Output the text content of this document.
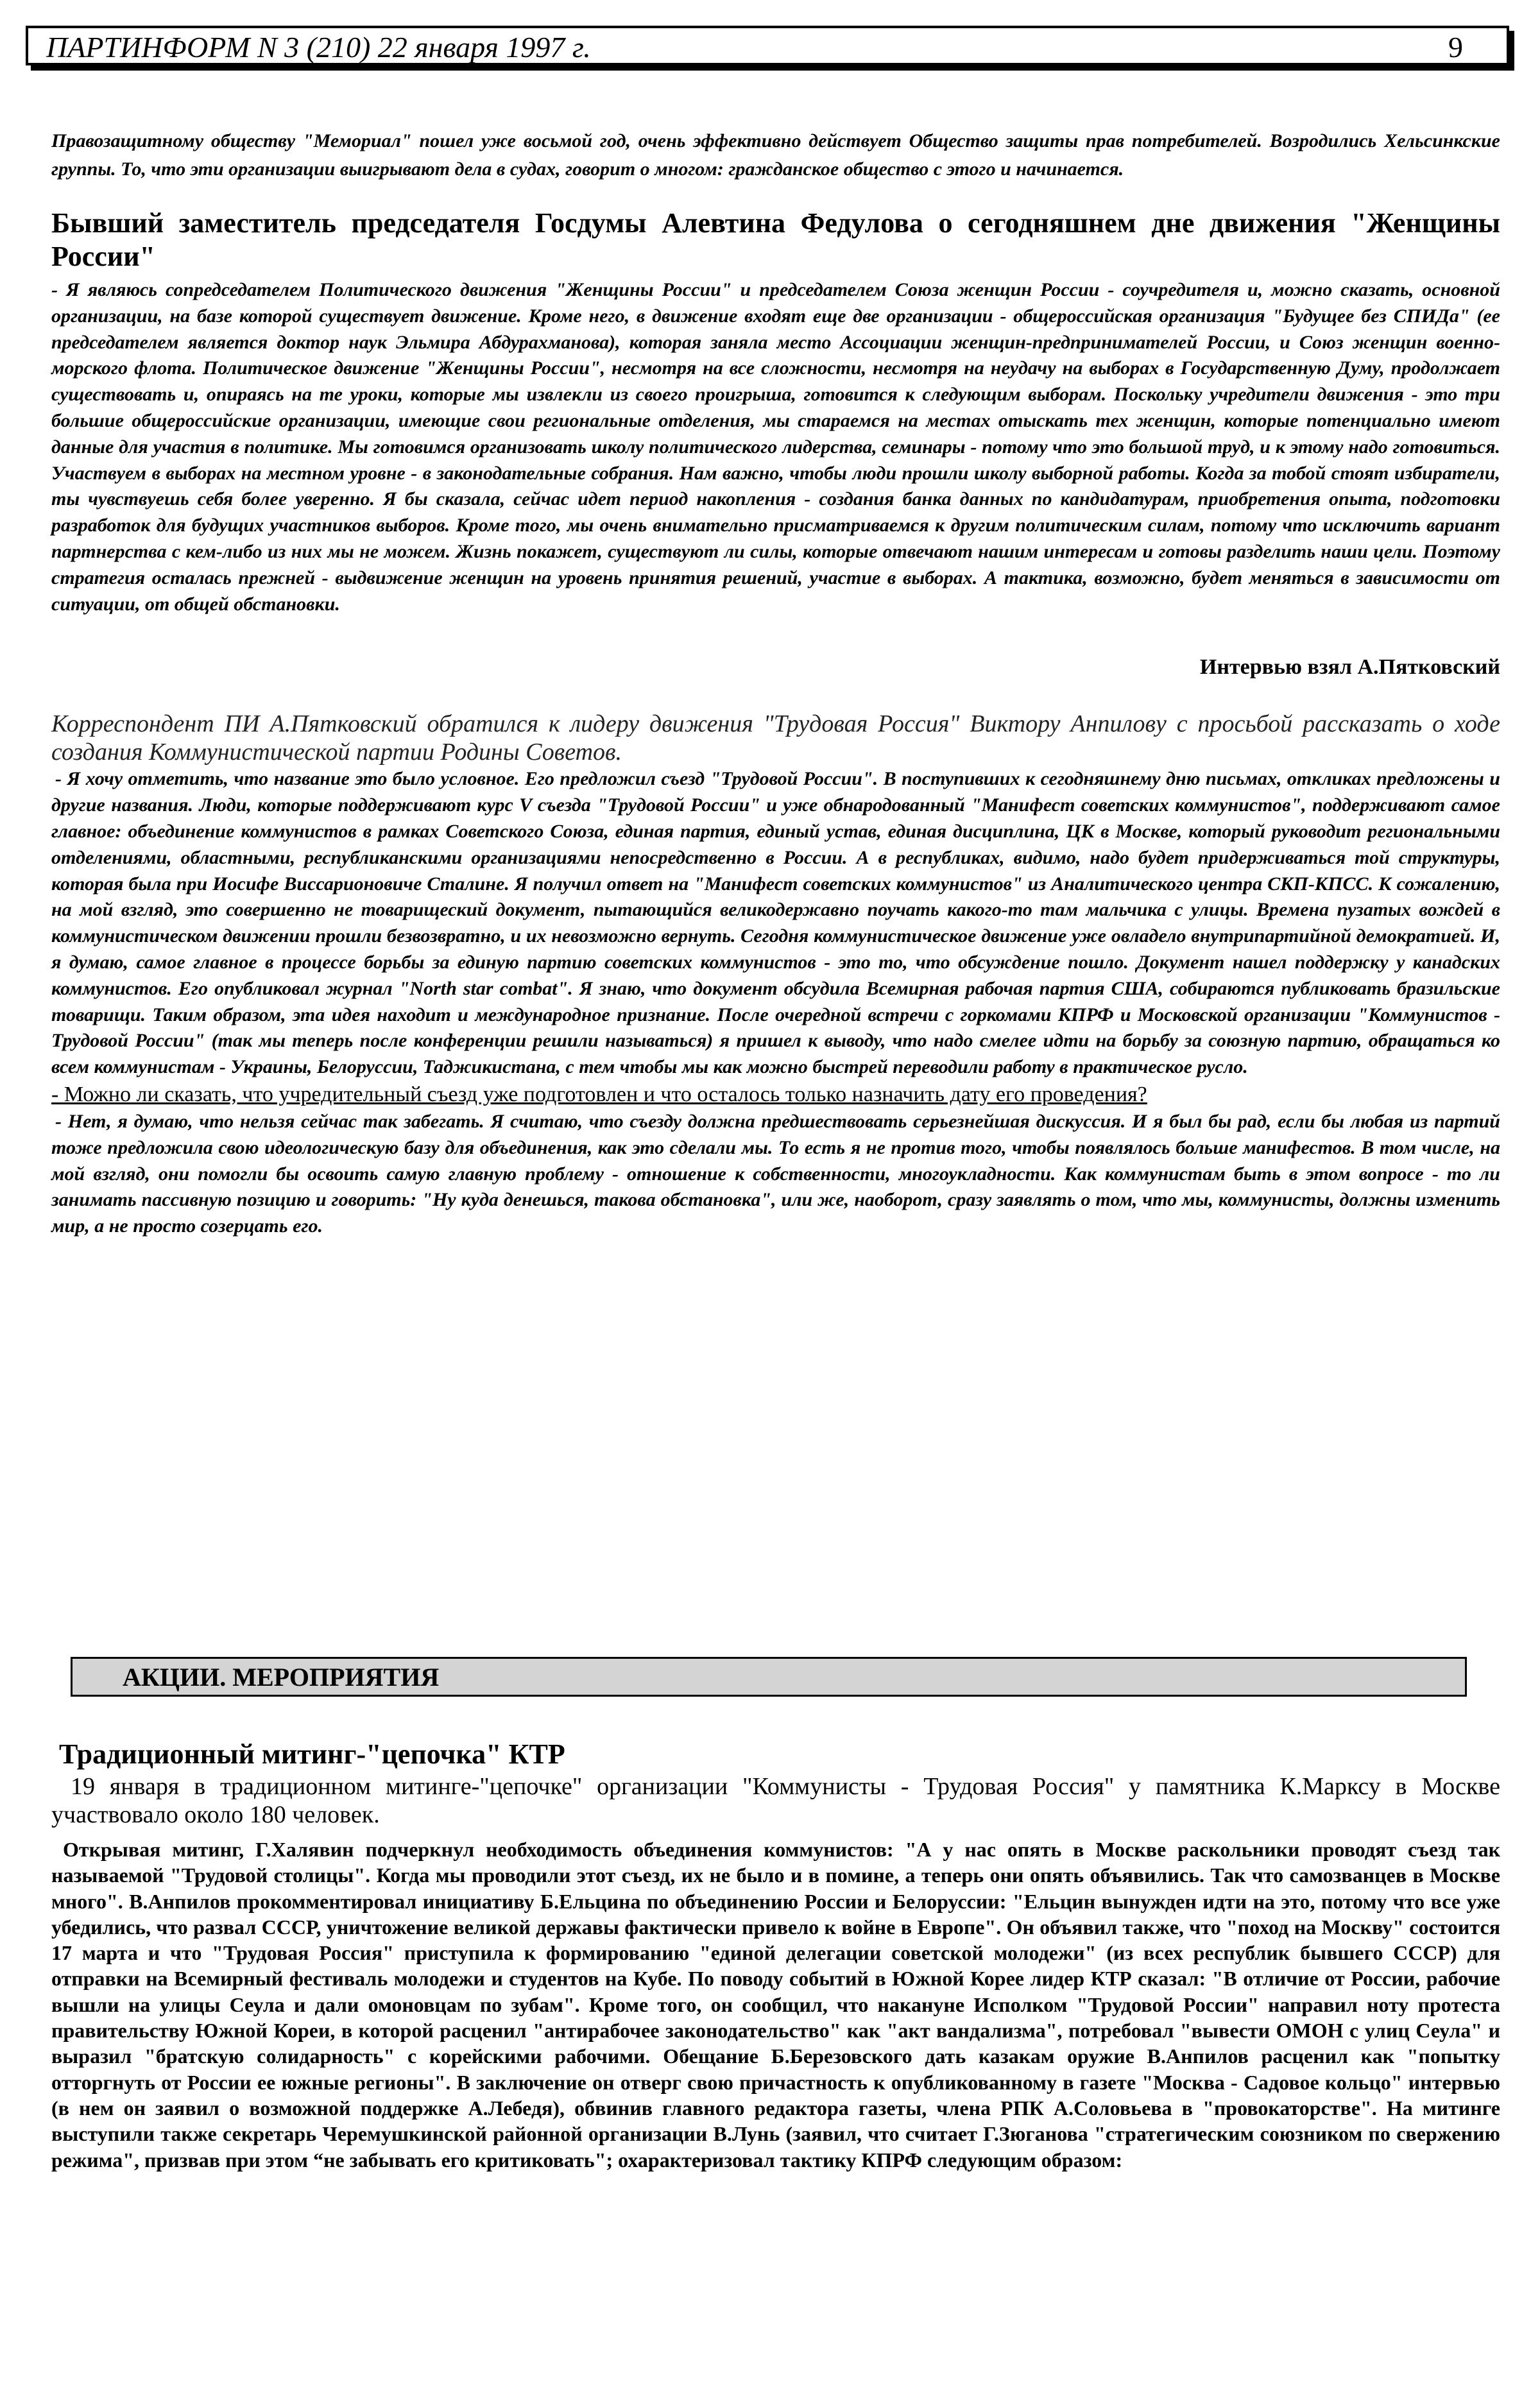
ПАРТИНФОРМ N 3 (210) 22 января 1997 г.	9

Правозащитному обществу "Мемориал" пошел уже восьмой год, очень эффективно действует Общество защиты прав потребителей. Возродились Хельсинкские группы. То, что эти организации выигрывают дела в судах, говорит о многом: гражданское общество с этого и начинается.

Бывший заместитель председателя Госдумы Алевтина Федулова о сегодняшнем дне движения "Женщины России"

- Я являюсь сопредседателем Политического движения "Женщины России" и председателем Союза женщин России - соучредителя и, можно сказать, основной организации, на базе которой существует движение. Кроме него, в движение входят еще две организации - общероссийская организация "Будущее без СПИДа" (ее председателем является доктор наук Эльмира Абдурахманова), которая заняла место Ассоциации женщин-предпринимателей России, и Союз женщин военно-морского флота. Политическое движение "Женщины России", несмотря на все сложности, несмотря на неудачу на выборах в Государственную Думу, продолжает существовать и, опираясь на те уроки, которые мы извлекли из своего проигрыша, готовится к следующим выборам. Поскольку учредители движения - это три большие общероссийские организации, имеющие свои региональные отделения, мы стараемся на местах отыскать тех женщин, которые потенциально имеют данные для участия в политике. Мы готовимся организовать школу политического лидерства, семинары - потому что это большой труд, и к этому надо готовиться. Участвуем в выборах на местном уровне - в законодательные собрания. Нам важно, чтобы люди прошли школу выборной работы. Когда за тобой стоят избиратели, ты чувствуешь себя более уверенно. Я бы сказала, сейчас идет период накопления - создания банка данных по кандидатурам, приобретения опыта, подготовки разработок для будущих участников выборов. Кроме того, мы очень внимательно присматриваемся к другим политическим силам, потому что исключить вариант партнерства с кем-либо из них мы не можем. Жизнь покажет, существуют ли силы, которые отвечают нашим интересам и готовы разделить наши цели. Поэтому стратегия осталась прежней - выдвижение женщин на уровень принятия решений, участие в выборах. А тактика, возможно, будет меняться в зависимости от ситуации, от общей обстановки.

Интервью взял А.Пятковский

Корреспондент ПИ А.Пятковский обратился к лидеру движения "Трудовая Россия" Виктору Анпилову с просьбой рассказать о ходе создания Коммунистической партии Родины Советов.

- Я хочу отметить, что название это было условное. Его предложил съезд "Трудовой России". В поступивших к сегодняшнему дню письмах, откликах предложены и другие названия. Люди, которые поддерживают курс V съезда "Трудовой России" и уже обнародованный "Манифест советских коммунистов", поддерживают самое главное: объединение коммунистов в рамках Советского Союза, единая партия, единый устав, единая дисциплина, ЦК в Москве, который руководит региональными отделениями, областными, республиканскими организациями непосредственно в России. А в республиках, видимо, надо будет придерживаться той структуры, которая была при Иосифе Виссарионовиче Сталине. Я получил ответ на "Манифест советских коммунистов" из Аналитического центра СКП-КПСС. К сожалению, на мой взгляд, это совершенно не товарищеский документ, пытающийся великодержавно поучать какого-то там мальчика с улицы. Времена пузатых вождей в коммунистическом движении прошли безвозвратно, и их невозможно вернуть. Сегодня коммунистическое движение уже овладело внутрипартийной демократией. И, я думаю, самое главное в процессе борьбы за единую партию советских коммунистов - это то, что обсуждение пошло. Документ нашел поддержку у канадских коммунистов. Его опубликовал журнал "North star combat". Я знаю, что документ обсудила Всемирная рабочая партия США, собираются публиковать бразильские товарищи. Таким образом, эта идея находит и международное признание. После очередной встречи с горкомами КПРФ и Московской организации "Коммунистов - Трудовой России" (так мы теперь после конференции решили называться) я пришел к выводу, что надо смелее идти на борьбу за союзную партию, обращаться ко всем коммунистам - Украины, Белоруссии, Таджикистана, с тем чтобы мы как можно быстрей переводили работу в практическое русло.

- Можно ли сказать, что учредительный съезд уже подготовлен и что осталось только назначить дату его проведения?

- Нет, я думаю, что нельзя сейчас так забегать. Я считаю, что съезду должна предшествовать серьезнейшая дискуссия. И я был бы рад, если бы любая из партий тоже предложила свою идеологическую базу для объединения, как это сделали мы. То есть я не против того, чтобы появлялось больше манифестов. В том числе, на мой взгляд, они помогли бы освоить самую главную проблему - отношение к собственности, многоукладности. Как коммунистам быть в этом вопросе - то ли занимать пассивную позицию и говорить: "Ну куда денешься, такова обстановка", или же, наоборот, сразу заявлять о том, что мы, коммунисты, должны изменить мир, а не просто созерцать его.

АКЦИИ. МЕРОПРИЯТИЯ
Традиционный митинг-"цепочка" КТР

19 января в традиционном митинге-"цепочке" организации "Коммунисты - Трудовая Россия" у памятника К.Марксу в Москве участвовало около 180 человек.

Открывая митинг, Г.Халявин подчеркнул необходимость объединения коммунистов: "А у нас опять в Москве раскольники проводят съезд так называемой "Трудовой столицы". Когда мы проводили этот съезд, их не было и в помине, а теперь они опять объявились. Так что самозванцев в Москве много". В.Анпилов прокомментировал инициативу Б.Ельцина по объединению России и Белоруссии: "Ельцин вынужден идти на это, потому что все уже убедились, что развал СССР, уничтожение великой державы фактически привело к войне в Европе". Он объявил также, что "поход на Москву" состоится 17 марта и что "Трудовая Россия" приступила к формированию "единой делегации советской молодежи" (из всех республик бывшего СССР) для отправки на Всемирный фестиваль молодежи и студентов на Кубе. По поводу событий в Южной Корее лидер КТР сказал: "В отличие от России, рабочие вышли на улицы Сеула и дали омоновцам по зубам". Кроме того, он сообщил, что накануне Исполком "Трудовой России" направил ноту протеста правительству Южной Кореи, в которой расценил "антирабочее законодательство" как "акт вандализма", потребовал "вывести ОМОН с улиц Сеула" и выразил "братскую солидарность" с корейскими рабочими. Обещание Б.Березовского дать казакам оружие В.Анпилов расценил как "попытку отторгнуть от России ее южные регионы". В заключение он отверг свою причастность к опубликованному в газете "Москва - Садовое кольцо" интервью (в нем он заявил о возможной поддержке А.Лебедя), обвинив главного редактора газеты, члена РПК А.Соловьева в "провокаторстве". На митинге выступили также секретарь Черемушкинской районной организации В.Лунь (заявил, что считает Г.Зюганова "стратегическим союзником по свержению режима", призвав при этом “не забывать его критиковать"; охарактеризовал тактику КПРФ следующим образом:
